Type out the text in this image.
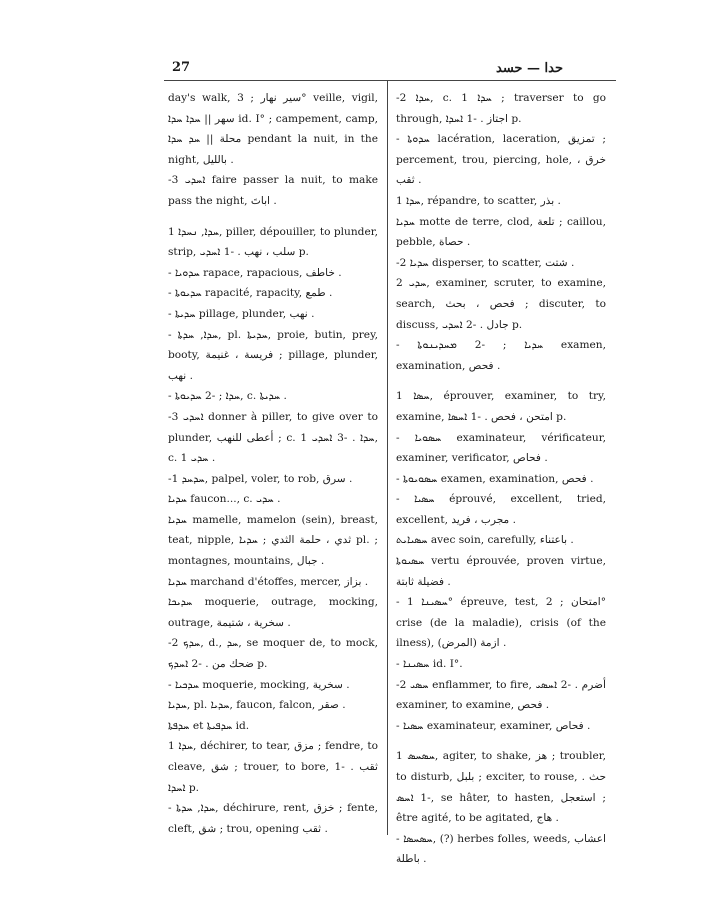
27	حدا — حسد

day's walk, سير نهار ; 3° veille, vigil, سهر || ܚܕܐ ܚܕܐ id. I° ; campement, camp, محلة || ܚܕ ܚܕܐ pendant la nuit, in the night, بالليل .

-3 ܐܚܕܝ faire passer la nuit, to make pass the night, اباتَ .

1 ܚܕܐ, ܢܚܕܐ, piller, dépouiller, to plunder, strip, سلب ، نهب . -1 ܐܚܕܝ p.

- ܚܕܘܝܐ rapace, rapacious, خاطف .

- ܚܕܝܘܬܐ rapacité, rapacity, طمع .

- ܚܕܝܬܐ pillage, plunder, نهب .

- ܚܕܐ, ܚܕܬܐ, pl. ܚܕܝܬܐ, proie, butin, prey, booty, فريسة ، غنيمة ; pillage, plunder, نهب .

- ܚܕܐ ; -2 ܚܕܝܘܬܐ, c. ܚܕܝܬܐ .

-3 ܐܚܕܝ donner à piller, to give over to plunder, أعطى للنهب ; c. 1 ܚܕܐ . -3 ܐܚܕܝ, c. 1 ܚܕܝ .

-1 ܚܕܚܕ, palpel, voler, to rob, سرق .

ܚܕܝܐ faucon..., c. ܚܕܝ .

ܚܕܝܐ mamelle, mamelon (sein), breast, teat, nipple, ثدي ، حلمة الثدي ; ܚܕܝܐ pl. ; montagnes, mountains, جبال .

ܚܕܝܐ marchand d'étoffes, mercer, بزاز .

ܚܕܝܟܐ moquerie, outrage, mocking, outrage, سخرية ، شتيمة .

-2 ܚܕܟ, d., ܚܕ, se moquer de, to mock, ضحك من . -2 ܐܚܕܟ p.

- ܚܕܟܝܐ moquerie, mocking, سخرية .

ܚܕܝܐ, pl. ܚܕܝܐ, faucon, falcon, صقر .

ܚܕܦܬܐ et ܚܕܦܝܬܐ id.

1 ܚܕܐ, déchirer, to tear, مزق ; fendre, to cleave, شق ; trouer, to bore, ثقب . -1 ܐܚܕܐ p.

- ܚܕܐ, ܚܕܬܐ, déchirure, rent, خزق ; fente, cleft, شق ; trou, opening ثقب .

-2 ܚܕܐ, c. 1 ܚܕܐ ; traverser to go through, اجتاز . -1 ܐܚܕܐ p.

- ܚܕܘܬܐ lacération, laceration, تمزيق ; percement, trou, piercing, hole, خرق ، ثقب .

1 ܚܕܐ, répandre, to scatter, بذر .

ܚܕܝܐ motte de terre, clod, تلعة ; caillou, pebble, حصاة .

-2 ܚܕܝܐ disperser, to scatter, شتت .

2 ܚܕܝ, examiner, scruter, to examine, search, فحص ، بحث ; discuter, to discuss, جادل . -2 ܐܚܕܝ p.

- ܚܕܝܐ ; -2 ܡܚܕܝܢܘܬܐ examen, examination, فحص .

1 ܚܣܐ, éprouver, examiner, to try, examine, امتحن ، فحص . -1 ܐܚܣܐ p.

- ܚܣܘܝܐ examinateur, vérificateur, examiner, verificator, فحاص .

- ܚܣܘܝܘܬܐ examen, examination, فحص .

- ܚܣܝܐ éprouvé, excellent, tried, excellent, مجرب ، فريد .

ܚܣܝܐܝܬ avec soin, carefully, باعتناء .

ܚܣܝܘܬܐ vertu éprouvée, proven virtue, فضيلة ثابتة .

- ܚܣܝܢܐ 1° épreuve, test, امتحان ; 2° crise (de la maladie), crisis (of the ilness), ازمة (المرض) .

- ܚܣܝܢܐ id. I°.

-2 ܚܣܝ enflammer, to fire, أضرم . -2 ܐܚܣܝ examiner, to examine, فحص .

- ܚܣܝܐ examinateur, examiner, فحاص .

1 ܚܣܚܣ, agiter, to shake, هز ; troubler, to disturb, بلبل ; exciter, to rouse, حث . -1 ܐܚܣ, se hâter, to hasten, استعجل ; être agité, to be agitated, هاج .

- ܚܣܚܣܐ, (?) herbes folles, weeds, اعشاب باطلة .
